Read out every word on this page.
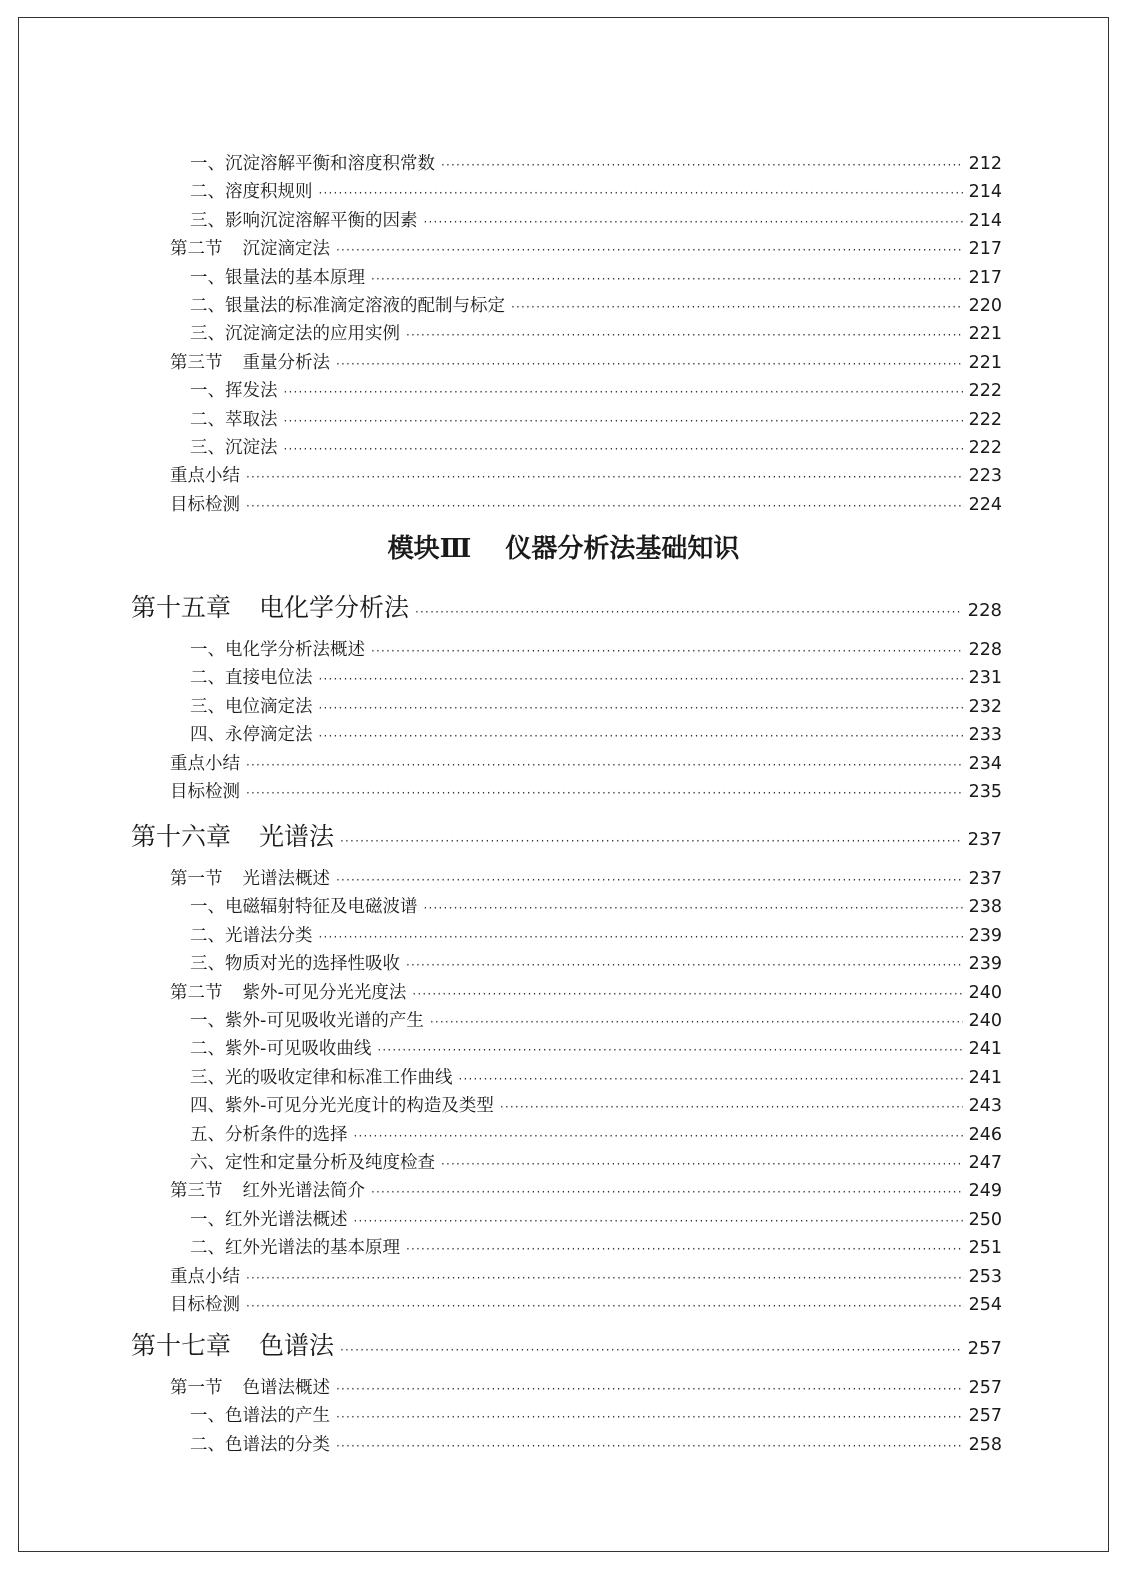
一、沉淀溶解平衡和溶度积常数 ·····	212
二、溶度积规则 ·····	214
三、影响沉淀溶解平衡的因素 ·····	214
第二节 沉淀滴定法 ·····	217
一、银量法的基本原理 ·····	217
二、银量法的标准滴定溶液的配制与标定 ·····	220
三、沉淀滴定法的应用实例 ·····	221
第三节 重量分析法 ·····	221
一、挥发法 ·····	222
二、萃取法 ·····	222
三、沉淀法 ·····	222
重点小结 ·····	223
目标检测 ·····	224
第十五章 电化学分析法 ·····	228
一、电化学分析法概述 ·····	228
二、直接电位法 ·····	231
三、电位滴定法 ·····	232
四、永停滴定法 ·····	233
重点小结 ·····	234
目标检测 ·····	235
第十六章 光谱法 ·····	237
第一节 光谱法概述 ·····	237
一、电磁辐射特征及电磁波谱 ·····	238
二、光谱法分类 ·····	239
三、物质对光的选择性吸收 ·····	239
第二节 紫外-可见分光光度法 ·····	240
一、紫外-可见吸收光谱的产生 ·····	240
二、紫外-可见吸收曲线 ·····	241
三、光的吸收定律和标准工作曲线 ·····	241
四、紫外-可见分光光度计的构造及类型 ·····	243
五、分析条件的选择 ·····	246
六、定性和定量分析及纯度检查 ·····	247
第三节 红外光谱法简介 ·····	249
一、红外光谱法概述 ·····	250
二、红外光谱法的基本原理 ·····	251
重点小结 ·····	253
目标检测 ·····	254
第十七章 色谱法 ·····	257
第一节 色谱法概述 ·····	257
一、色谱法的产生 ·····	257
二、色谱法的分类 ·····	258
模块Ⅲ 仪器分析法基础知识
